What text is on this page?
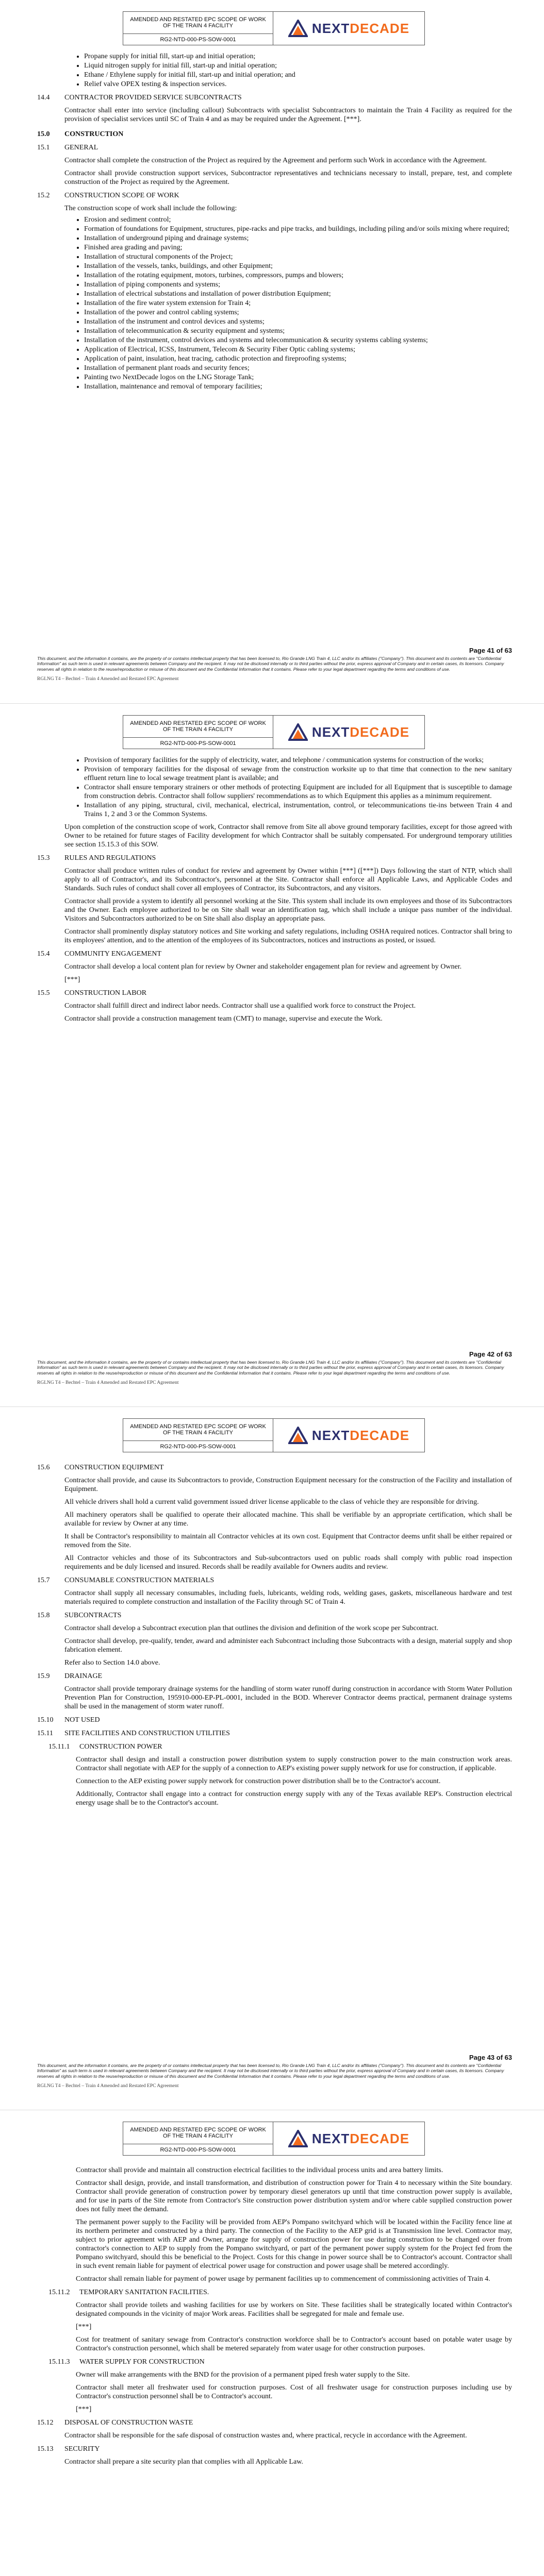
AMENDED AND RESTATED EPC SCOPE OF WORK
OF THE TRAIN 4 FACILITY
RG2-NTD-000-PS-SOW-0001
NEXTDECADE
• Propane supply for initial fill, start-up and initial operation;
• Liquid nitrogen supply for initial fill, start-up and initial operation;
• Ethane / Ethylene supply for initial fill, start-up and initial operation; and
• Relief valve OPEX testing & inspection services.
14.4	CONTRACTOR PROVIDED SERVICE SUBCONTRACTS

Contractor shall enter into service (including callout) Subcontracts with specialist Subcontractors to maintain the Train 4 Facility as required for the provision of specialist services until SC of Train 4 and as may be required under the Agreement. [***].

15.0	CONSTRUCTION
15.1	GENERAL

Contractor shall complete the construction of the Project as required by the Agreement and perform such Work in accordance with the Agreement.

Contractor shall provide construction support services, Subcontractor representatives and technicians necessary to install, prepare, test, and complete construction of the Project as required by the Agreement.

15.2	CONSTRUCTION SCOPE OF WORK

The construction scope of work shall include the following:

• Erosion and sediment control;
• Formation of foundations for Equipment, structures, pipe-racks and pipe tracks, and buildings, including piling and/or soils mixing where required;
• Installation of underground piping and drainage systems;
• Finished area grading and paving;
• Installation of structural components of the Project;
• Installation of the vessels, tanks, buildings, and other Equipment;
• Installation of the rotating equipment, motors, turbines, compressors, pumps and blowers;
• Installation of piping components and systems;
• Installation of electrical substations and installation of power distribution Equipment;
• Installation of the fire water system extension for Train 4;
• Installation of the power and control cabling systems;
• Installation of the instrument and control devices and systems;
• Installation of telecommunication & security equipment and systems;
• Installation of the instrument, control devices and systems and telecommunication & security systems cabling systems;
• Application of Electrical, ICSS, Instrument, Telecom & Security Fiber Optic cabling systems;
• Application of paint, insulation, heat tracing, cathodic protection and fireproofing systems;
• Installation of permanent plant roads and security fences;
• Painting two NextDecade logos on the LNG Storage Tank;
• Installation, maintenance and removal of temporary facilities;
Page 41 of 63
This document, and the information it contains, are the property of or contains intellectual property that has been licensed to, Rio Grande LNG Train 4, LLC and/or its affiliates ("Company"). This document and its contents are "Confidential Information" as such term is used in relevant agreements between Company and the recipient. It may not be disclosed internally or to third parties without the prior, express approval of Company and in certain cases, its licensors. Company reserves all rights in relation to the reuse/reproduction or misuse of this document and the Confidential Information that it contains. Please refer to your legal department regarding the terms and conditions of use.
RGLNG T4 – Bechtel – Train 4 Amended and Restated EPC Agreement
AMENDED AND RESTATED EPC SCOPE OF WORK
OF THE TRAIN 4 FACILITY
RG2-NTD-000-PS-SOW-0001
NEXTDECADE
• Provision of temporary facilities for the supply of electricity, water, and telephone / communication systems for construction of the works;
• Provision of temporary facilities for the disposal of sewage from the construction worksite up to that time that connection to the new sanitary effluent return line to local sewage treatment plant is available; and
• Contractor shall ensure temporary strainers or other methods of protecting Equipment are included for all Equipment that is susceptible to damage from construction debris. Contractor shall follow suppliers' recommendations as to which Equipment this applies as a minimum requirement.
• Installation of any piping, structural, civil, mechanical, electrical, instrumentation, control, or telecommunications tie-ins between Train 4 and Trains 1, 2 and 3 or the Common Systems.

Upon completion of the construction scope of work, Contractor shall remove from Site all above ground temporary facilities, except for those agreed with Owner to be retained for future stages of Facility development for which Contractor shall be suitably compensated. For underground temporary utilities see section 15.15.3 of this SOW.

15.3	RULES AND REGULATIONS

Contractor shall produce written rules of conduct for review and agreement by Owner within [***] ([***]) Days following the start of NTP, which shall apply to all of Contractor's, and its Subcontractor's, personnel at the Site. Contractor shall enforce all Applicable Laws, and Applicable Codes and Standards. Such rules of conduct shall cover all employees of Contractor, its Subcontractors, and any visitors.

Contractor shall provide a system to identify all personnel working at the Site. This system shall include its own employees and those of its Subcontractors and the Owner. Each employee authorized to be on Site shall wear an identification tag, which shall include a unique pass number of the individual. Visitors and Subcontractors authorized to be on Site shall also display an appropriate pass.

Contractor shall prominently display statutory notices and Site working and safety regulations, including OSHA required notices. Contractor shall bring to its employees' attention, and to the attention of the employees of its Subcontractors, notices and instructions as posted, or issued.

15.4	COMMUNITY ENGAGEMENT

Contractor shall develop a local content plan for review by Owner and stakeholder engagement plan for review and agreement by Owner.

[***]

15.5	CONSTRUCTION LABOR

Contractor shall fulfill direct and indirect labor needs. Contractor shall use a qualified work force to construct the Project.

Contractor shall provide a construction management team (CMT) to manage, supervise and execute the Work.

Page 42 of 63
This document, and the information it contains, are the property of or contains intellectual property that has been licensed to, Rio Grande LNG Train 4, LLC and/or its affiliates ("Company"). This document and its contents are "Confidential Information" as such term is used in relevant agreements between Company and the recipient. It may not be disclosed internally or to third parties without the prior, express approval of Company and in certain cases, its licensors. Company reserves all rights in relation to the reuse/reproduction or misuse of this document and the Confidential Information that it contains. Please refer to your legal department regarding the terms and conditions of use.
RGLNG T4 – Bechtel – Train 4 Amended and Restated EPC Agreement
AMENDED AND RESTATED EPC SCOPE OF WORK
OF THE TRAIN 4 FACILITY
RG2-NTD-000-PS-SOW-0001
NEXTDECADE
15.6	CONSTRUCTION EQUIPMENT

Contractor shall provide, and cause its Subcontractors to provide, Construction Equipment necessary for the construction of the Facility and installation of Equipment.

All vehicle drivers shall hold a current valid government issued driver license applicable to the class of vehicle they are responsible for driving.

All machinery operators shall be qualified to operate their allocated machine. This shall be verifiable by an appropriate certification, which shall be available for review by Owner at any time.

It shall be Contractor's responsibility to maintain all Contractor vehicles at its own cost. Equipment that Contractor deems unfit shall be either repaired or removed from the Site.

All Contractor vehicles and those of its Subcontractors and Sub-subcontractors used on public roads shall comply with public road inspection requirements and be duly licensed and insured. Records shall be readily available for Owners audits and review.

15.7	CONSUMABLE CONSTRUCTION MATERIALS

Contractor shall supply all necessary consumables, including fuels, lubricants, welding rods, welding gases, gaskets, miscellaneous hardware and test materials required to complete construction and installation of the Facility through SC of Train 4.

15.8	SUBCONTRACTS

Contractor shall develop a Subcontract execution plan that outlines the division and definition of the work scope per Subcontract.

Contractor shall develop, pre-qualify, tender, award and administer each Subcontract including those Subcontracts with a design, material supply and shop fabrication element.

Refer also to Section 14.0 above.

15.9	DRAINAGE

Contractor shall provide temporary drainage systems for the handling of storm water runoff during construction in accordance with Storm Water Pollution Prevention Plan for Construction, 195910-000-EP-PL-0001, included in the BOD. Wherever Contractor deems practical, permanent drainage systems shall be used in the management of storm water runoff.

15.10	NOT USED
15.11	SITE FACILITIES AND CONSTRUCTION UTILITIES
15.11.1	CONSTRUCTION POWER

Contractor shall design and install a construction power distribution system to supply construction power to the main construction work areas. Contractor shall negotiate with AEP for the supply of a connection to AEP's existing power supply network for use for construction, if applicable.

Connection to the AEP existing power supply network for construction power distribution shall be to the Contractor's account.

Additionally, Contractor shall engage into a contract for construction energy supply with any of the Texas available REP's. Construction electrical energy usage shall be to the Contractor's account.

Page 43 of 63
This document, and the information it contains, are the property of or contains intellectual property that has been licensed to, Rio Grande LNG Train 4, LLC and/or its affiliates ("Company"). This document and its contents are "Confidential Information" as such term is used in relevant agreements between Company and the recipient. It may not be disclosed internally or to third parties without the prior, express approval of Company and in certain cases, its licensors. Company reserves all rights in relation to the reuse/reproduction or misuse of this document and the Confidential Information that it contains. Please refer to your legal department regarding the terms and conditions of use.
RGLNG T4 – Bechtel – Train 4 Amended and Restated EPC Agreement
AMENDED AND RESTATED EPC SCOPE OF WORK
OF THE TRAIN 4 FACILITY
RG2-NTD-000-PS-SOW-0001
NEXTDECADE

Contractor shall provide and maintain all construction electrical facilities to the individual process units and area battery limits.

Contractor shall design, provide, and install transformation, and distribution of construction power for Train 4 to necessary within the Site boundary. Contractor shall provide generation of construction power by temporary diesel generators up until that time construction power supply is available, and for use in parts of the Site remote from Contractor's Site construction power distribution system and/or where cable supplied construction power does not fully meet the demand.

The permanent power supply to the Facility will be provided from AEP's Pompano switchyard which will be located within the Facility fence line at its northern perimeter and constructed by a third party. The connection of the Facility to the AEP grid is at Transmission line level. Contractor may, subject to prior agreement with AEP and Owner, arrange for supply of construction power for use during construction to be changed over from contractor's connection to AEP to supply from the Pompano switchyard, or part of the permanent power supply system for the Project fed from the Pompano switchyard, should this be beneficial to the Project. Costs for this change in power source shall be to Contractor's account. Contractor shall in such event remain liable for payment of electrical power usage for construction and power usage shall be metered accordingly.

Contractor shall remain liable for payment of power usage by permanent facilities up to commencement of commissioning activities of Train 4.

15.11.2	TEMPORARY SANITATION FACILITIES.

Contractor shall provide toilets and washing facilities for use by workers on Site. These facilities shall be strategically located within Contractor's designated compounds in the vicinity of major Work areas. Facilities shall be segregated for male and female use.

[***]

Cost for treatment of sanitary sewage from Contractor's construction workforce shall be to Contractor's account based on potable water usage by Contractor's construction personnel, which shall be metered separately from water usage for other construction purposes.

15.11.3	WATER SUPPLY FOR CONSTRUCTION

Owner will make arrangements with the BND for the provision of a permanent piped fresh water supply to the Site.

Contractor shall meter all freshwater used for construction purposes. Cost of all freshwater usage for construction purposes including use by Contractor's construction personnel shall be to Contractor's account.

[***]

15.12	DISPOSAL OF CONSTRUCTION WASTE

Contractor shall be responsible for the safe disposal of construction wastes and, where practical, recycle in accordance with the Agreement.

15.13	SECURITY

Contractor shall prepare a site security plan that complies with all Applicable Law.
